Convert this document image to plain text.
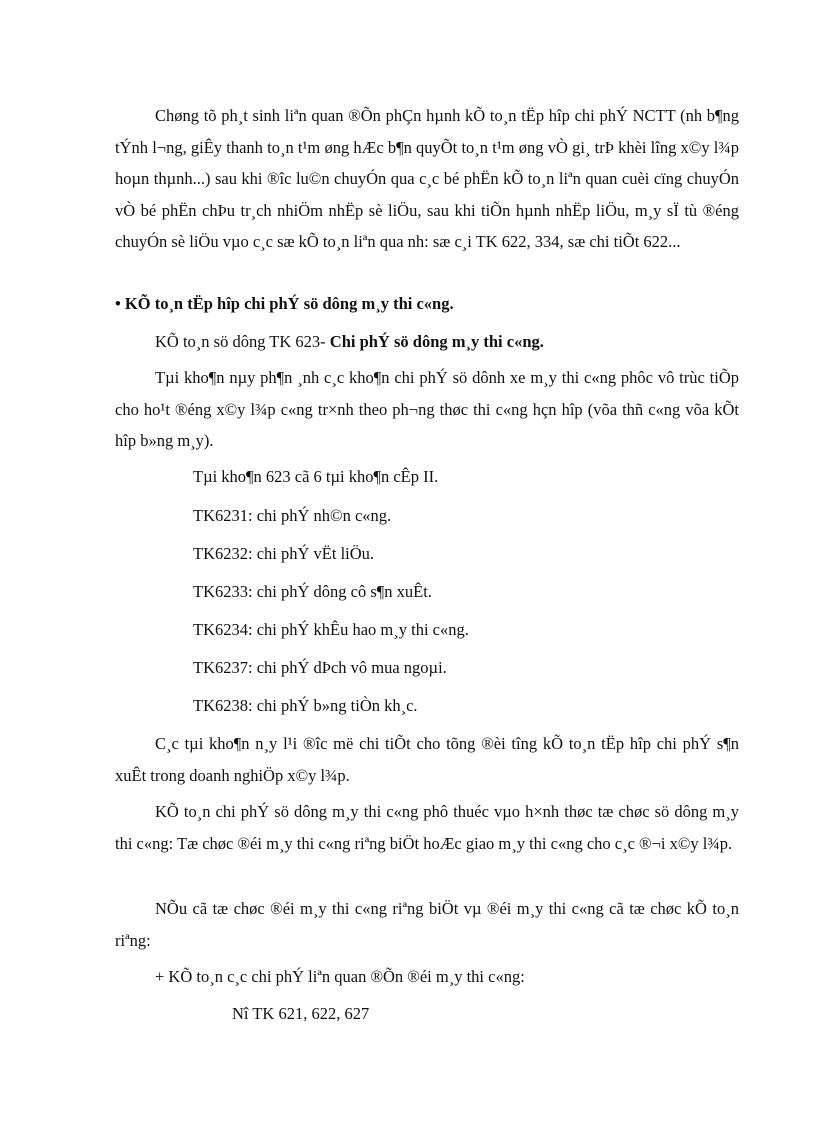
Chøng tõ ph¸t sinh liªn quan ®Õn phÇn hµnh kÕ to¸n tËp hîp chi phÝ NCTT (nh b¶ng tÝnh l¬ng, giÊy thanh to¸n t¹m øng hÆc b¶n quyÕt to¸n t¹m øng vÒ gi¸ trÞ khèi lîng x©y l¾p hoµn thµnh...) sau khi ®îc lu©n chuyÓn qua c¸c bé phËn kÕ to¸n liªn quan cuèi cïng chuyÓn vÒ bé phËn chÞu tr¸ch nhiÖm nhËp sè liÖu, sau khi tiÕn hµnh nhËp liÖu, m¸y sÏ tù ®éng chuyÓn sè liÖu vµo c¸c sæ kÕ to¸n liªn qua nh: sæ c¸i TK 622, 334, sæ chi tiÕt 622...

• KÕ to¸n tËp hîp chi phÝ sö dông m¸y thi c«ng.

KÕ to¸n sö dông TK 623- Chi phÝ sö dông m¸y thi c«ng.

Tµi kho¶n nµy ph¶n ¸nh c¸c kho¶n chi phÝ sö dônh xe m¸y thi c«ng phôc vô trùc tiÕp cho ho¹t ®éng x©y l¾p c«ng tr×nh theo ph¬ng thøc thi c«ng hçn hîp (võa thñ c«ng võa kÕt hîp b»ng m¸y).

Tµi kho¶n 623 cã 6 tµi kho¶n cÊp II.

TK6231: chi phÝ nh©n c«ng.

TK6232: chi phÝ vËt liÖu.

TK6233: chi phÝ dông cô s¶n xuÊt.

TK6234: chi phÝ khÊu hao m¸y thi c«ng.

TK6237: chi phÝ dÞch vô mua ngoµi.

TK6238: chi phÝ b»ng tiÒn kh¸c.

C¸c tµi kho¶n n¸y l¹i ®îc më chi tiÕt cho tõng ®èi tîng kÕ to¸n tËp hîp chi phÝ s¶n xuÊt trong doanh nghiÖp x©y l¾p.

KÕ to¸n chi phÝ sö dông m¸y thi c«ng phô thuéc vµo h×nh thøc tæ chøc sö dông m¸y thi c«ng: Tæ chøc ®éi m¸y thi c«ng riªng biÖt hoÆc giao m¸y thi c«ng cho c¸c ®¬i x©y l¾p.

NÕu cã tæ chøc ®éi m¸y thi c«ng riªng biÖt vµ ®éi m¸y thi c«ng cã tæ chøc kÕ to¸n riªng:

+ KÕ to¸n c¸c chi phÝ liªn quan ®Õn ®éi m¸y thi c«ng:

Nî TK 621, 622, 627
